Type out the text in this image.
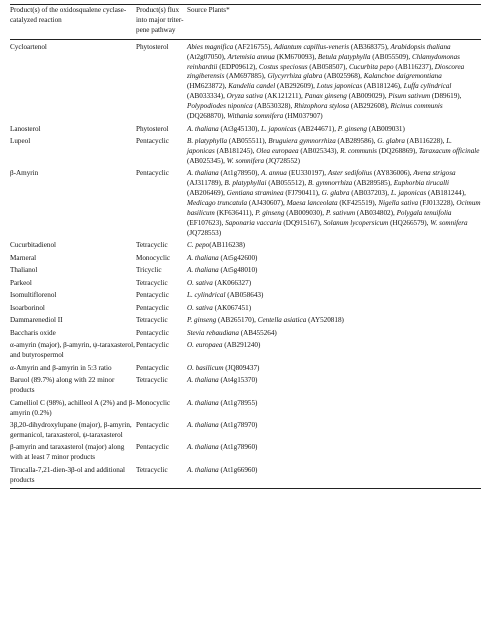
Product(s) of the oxidosqualene cyclase-catalyzed reaction	Product(s) flux into major triter- pene pathway	Source Plants*
Cycloartenol	Phytosterol	Abies magnifica (AF216755), Adiantum capillus-veneris (AB368375), Arabidopsis thaliana (At2g07050), Artemisia annua (KM670093), Betula platyphylla (AB055509), Chlamydomonas reinhardtii (EDP09612), Costus speciosus (AB058507), Cucurbita pepo (AB116237), Dioscorea zingiberensis (AM697885), Glycyrrhiza glabra (AB025968), Kalanchoe daigremontiana (HM623872), Kandelia candel (AB292609), Lotus japonicas (AB181246), Luffa cylindrical (AB033334), Oryza sativa (AK121211), Panax ginseng (AB009029), Pisum sativum (D89619), Polypodiodes niponica (AB530328), Rhizophora stylosa (AB292608), Ricinus communis (DQ268870), Withania somnifera (HM037907)
Lanosterol	Phytosterol	A. thaliana (At3g45130), L. japonicas (AB244671), P. ginseng (AB009031)
Lupeol	Pentacyclic	B. platyphylla (AB055511), Bruguiera gymnorrhiza (AB289586), G. glabra (AB116228), L. japonicas (AB181245), Olea europaea (AB025343), R. communis (DQ268869), Taraxacum officinale (AB025345), W. somnifera (JQ728552)
β-Amyrin	Pentacyclic	A. thaliana (At1g78950), A. annua (EU330197), Aster sedifolius (AY836006), Avena strigosa (AJ311789), B. platyphyllai (AB055512), B. gymnorrhiza (AB289585), Euphorbia tirucalli (AB206469), Gentiana straminea (FJ790411), G. glabra (AB037203), L. japonicas (AB181244), Medicago truncatula (AJ430607), Maesa lanceolata (KF425519), Nigella sativa (FJ013228), Ocimum basilicum (KF636411), P. ginseng (AB009030), P. sativum (AB034802), Polygala tenuifolia (EF107623), Saponaria vaccaria (DQ915167), Solanum lycopersicum (HQ266579), W. somnifera (JQ728553)
Cucurbitadienol	Tetracyclic	C. pepo(AB116238)
Marneral	Monocyclic	A. thaliana (At5g42600)
Thalianol	Tricyclic	A. thaliana (At5g48010)
Parkeol	Tetracyclic	O. sativa (AK066327)
Isomultiflorenol	Pentacyclic	L. cylindrical (AB058643)
Isoarborinol	Pentacyclic	O. sativa (AK067451)
Dammarenediol II	Tetracyclic	P. ginseng (AB265170), Centella asiatica (AY520818)
Baccharis oxide	Pentacyclic	Stevia rebaudiana (AB455264)
α-amyrin (major), β-amyrin, ψ-taraxasterol, and butyrospermol	Pentacyclic	O. europaea (AB291240)
α-Amyrin and β-amyrin in 5:3 ratio	Pentacyclic	O. basilicum (JQ809437)
Baruol (89.7%) along with 22 minor products	Tetracyclic	A. thaliana (At4g15370)
Camelliol C (98%), achilleol A (2%) and β-amyrin (0.2%)	Monocyclic	A. thaliana (At1g78955)
3β,20-dihydroxylupane (major), β-amyrin, germanicol, taraxasterol, ψ-taraxasterol	Pentacyclic	A. thaliana (At1g78970)
β-amyrin and taraxasterol (major) along with at least 7 minor products	Pentacyclic	A. thaliana (At1g78960)
Tirucalla-7,21-dien-3β-ol and additional products	Tetracyclic	A. thaliana (At1g66960)
